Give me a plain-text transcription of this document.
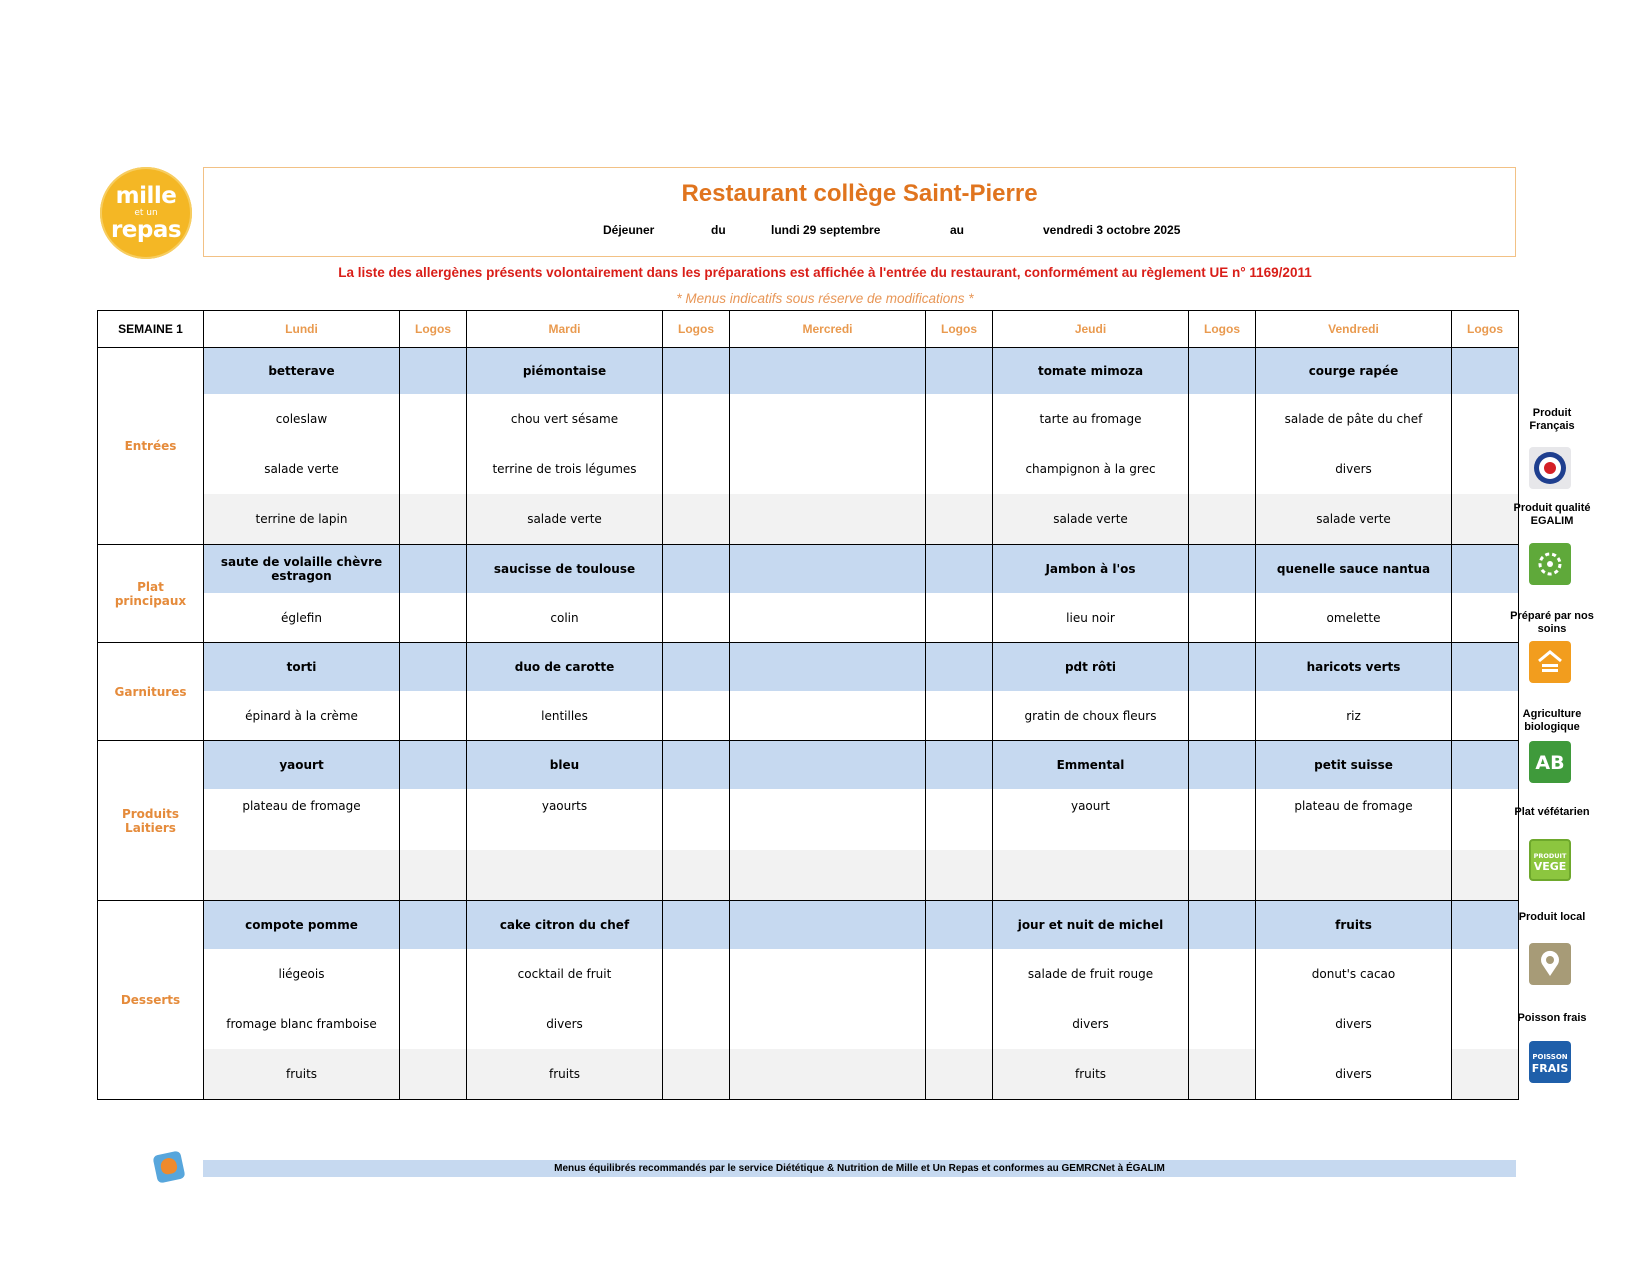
mille
et un
repas
Restaurant collège Saint-Pierre
Déjeuner	du	lundi 29 septembre	au	vendredi 3 octobre 2025
La liste des allergènes présents volontairement dans les préparations est affichée à l'entrée du restaurant, conformément au règlement UE n° 1169/2011
* Menus indicatifs sous réserve de modifications *
SEMAINE 1	Lundi	Logos	Mardi	Logos	Mercredi	Logos	Jeudi	Logos	Vendredi	Logos
Entrées	betterave		piémontaise				tomate mimoza		courge rapée	
	coleslaw		chou vert sésame				tarte au fromage		salade de pâte du chef	
	salade verte		terrine de trois légumes				champignon à la grec		divers	
	terrine de lapin		salade verte				salade verte		salade verte	
Plat principaux	saute de volaille chèvre estragon		saucisse de toulouse				Jambon à l'os		quenelle sauce nantua	
	églefin		colin				lieu noir		omelette	
Garnitures	torti		duo de carotte				pdt rôti		haricots verts	
	épinard à la crème		lentilles				gratin de choux fleurs		riz	
Produits Laitiers	yaourt		bleu				Emmental		petit suisse	
	plateau de fromage		yaourts				yaourt		plateau de fromage	

Desserts	compote pomme		cake citron du chef				jour et nuit de michel		fruits	
	liégeois		cocktail de fruit				salade de fruit rouge		donut's cacao	
	fromage blanc framboise		divers				divers		divers	
	fruits		fruits				fruits		divers	
Produit Français
Produit qualité EGALIM
Préparé par nos soins
Agriculture biologique
AB
Plat véfétarien
PRODUIT
VEGE
Produit local
Poisson frais
POISSON
FRAIS
Menus équilibrés recommandés par le service Diététique & Nutrition de Mille et Un Repas et conformes au GEMRCNet à ÉGALIM
